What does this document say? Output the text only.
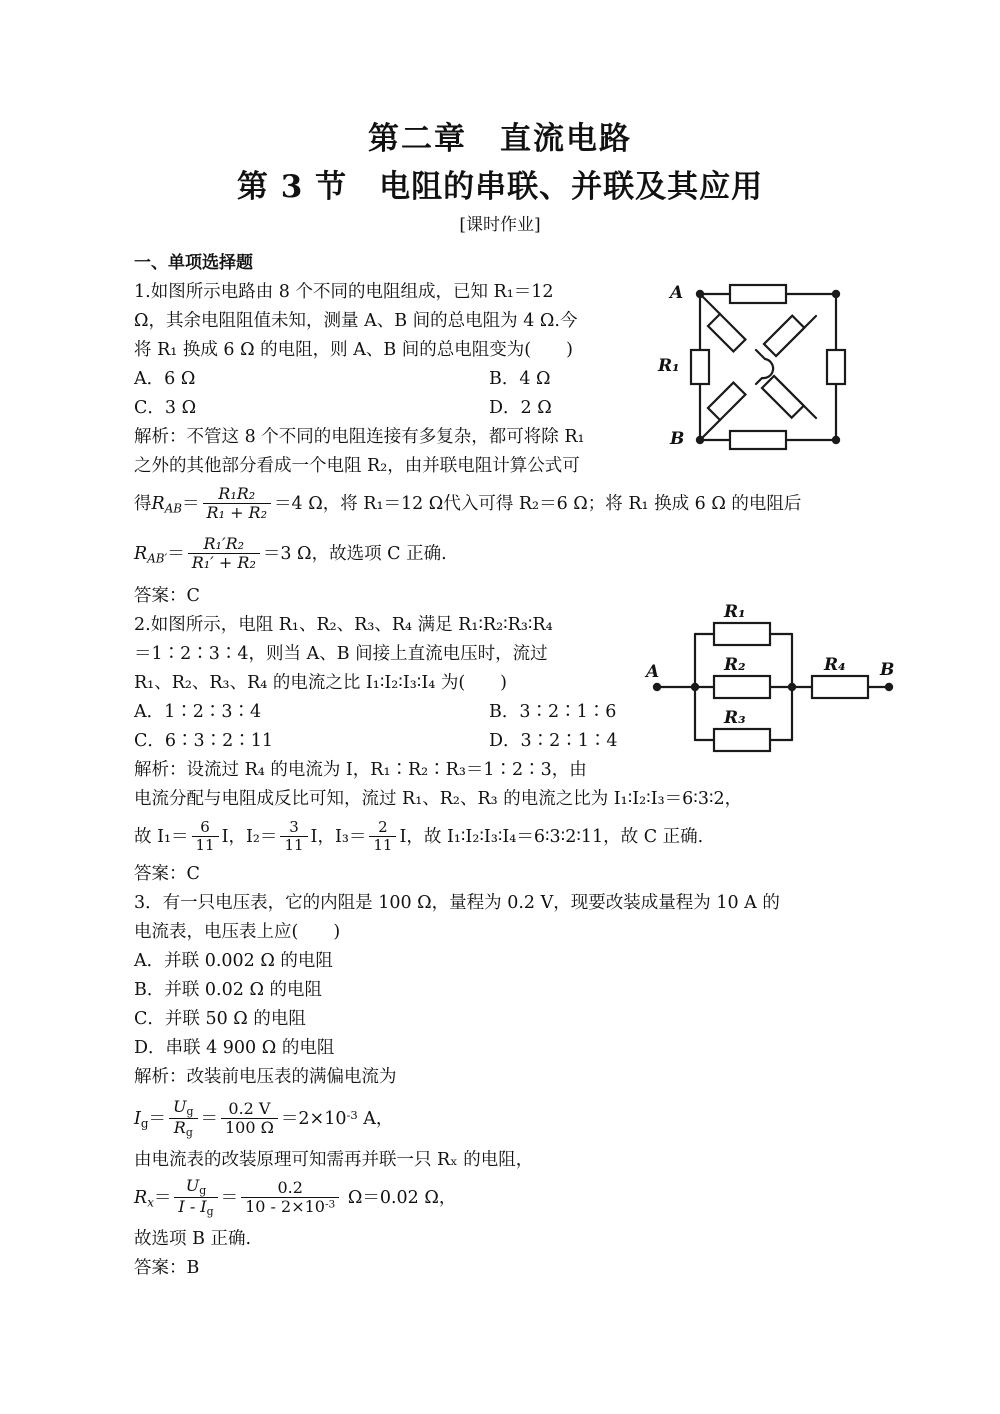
第二章　直流电路
第 3 节　电阻的串联、并联及其应用
[课时作业]
一、单项选择题
1.如图所示电路由 8 个不同的电阻组成，已知 R₁＝12
Ω，其余电阻阻值未知，测量 A、B 间的总电阻为 4 Ω.今
将 R₁ 换成 6 Ω 的电阻，则 A、B 间的总电阻变为(　　)
A．6 Ω	B．4 Ω
C．3 Ω	D．2 Ω
解析：不管这 8 个不同的电阻连接有多复杂，都可将除 R₁
之外的其他部分看成一个电阻 R₂，由并联电阻计算公式可
得$R_{AB}= \frac{\text{R₁R₂}}{\text{R₁ + R₂}} =4$ Ω，将 R₁＝12 Ω代入可得 R₂＝6 Ω；将 R₁ 换成 6 Ω 的电阻后
$R_{AB'}= \frac{\text{R₁′R₂}}{\text{R₁′ + R₂}} =3$ Ω，故选项 C 正确.
答案：C
2.如图所示，电阻 R₁、R₂、R₃、R₄ 满足 R₁∶R₂∶R₃∶R₄
＝1∶2∶3∶4，则当 A、B 间接上直流电压时，流过
R₁、R₂、R₃、R₄ 的电流之比 I₁∶I₂∶I₃∶I₄ 为(　　)
A．1∶2∶3∶4	B．3∶2∶1∶6
C．6∶3∶2∶11	D．3∶2∶1∶4
解析：设流过 R₄ 的电流为 I，R₁∶R₂∶R₃＝1∶2∶3，由
电流分配与电阻成反比可知，流过 R₁、R₂、R₃ 的电流之比为 I₁∶I₂∶I₃＝6∶3∶2，
故 $I_1= \frac{6}{11}$ I，$I_2= \frac{3}{11}$ I，$I_3= \frac{2}{11}$ I，故 I₁∶I₂∶I₃∶I₄＝6∶3∶2∶11，故 C 正确.
答案：C
3．有一只电压表，它的内阻是 100 Ω，量程为 0.2 V，现要改装成量程为 10 A 的
电流表，电压表上应(　　)
A．并联 0.002 Ω 的电阻
B．并联 0.02 Ω 的电阻
C．并联 50 Ω 的电阻
D．串联 4 900 Ω 的电阻
解析：改装前电压表的满偏电流为
$I_g= \frac{U_g}{R_g} = \frac{0.2 V}{100 \Omega} =2\times 10^{-3}$ A，
由电流表的改装原理可知需再并联一只 Rₓ 的电阻，
$R_x= \frac{U_g}{I - I_g} = \frac{0.2}{10 - 2\times 10^{-3}} \Omega=0.02$ Ω，
故选项 B 正确.
答案：B
A
B
R₁
R₁
R₂
R₃
R₄
A	B
